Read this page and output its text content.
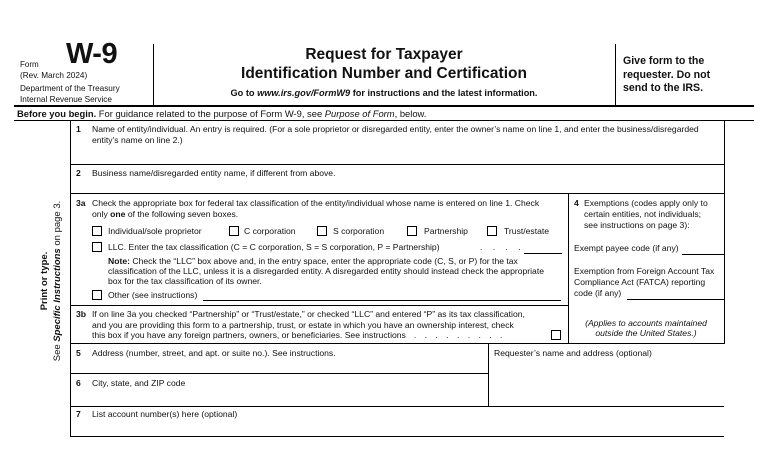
Form W-9
(Rev. March 2024)
Department of the Treasury
Internal Revenue Service
Request for Taxpayer
Identification Number and Certification
Go to www.irs.gov/FormW9 for instructions and the latest information.
Give form to the
requester. Do not
send to the IRS.
Before you begin. For guidance related to the purpose of Form W-9, see Purpose of Form, below.
Print or type.
See Specific Instructions on page 3.
1 Name of entity/individual. An entry is required. (For a sole proprietor or disregarded entity, enter the owner’s name on line 1, and enter the business/disregarded
entity’s name on line 2.)
2 Business name/disregarded entity name, if different from above.
3a Check the appropriate box for federal tax classification of the entity/individual whose name is entered on line 1. Check
only one of the following seven boxes.
Individual/sole proprietor	C corporation	S corporation	Partnership	Trust/estate
LLC. Enter the tax classification (C = C corporation, S = S corporation, P = Partnership)	. . . .
Note: Check the “LLC” box above and, in the entry space, enter the appropriate code (C, S, or P) for the tax
classification of the LLC, unless it is a disregarded entity. A disregarded entity should instead check the appropriate
box for the tax classification of its owner.
Other (see instructions)
3b If on line 3a you checked “Partnership” or “Trust/estate,” or checked “LLC” and entered “P” as its tax classification,
and you are providing this form to a partnership, trust, or estate in which you have an ownership interest, check
this box if you have any foreign partners, owners, or beneficiaries. See instructions . . . . . . . . .
4 Exemptions (codes apply only to
certain entities, not individuals;
see instructions on page 3):
Exempt payee code (if any)
Exemption from Foreign Account Tax
Compliance Act (FATCA) reporting
code (if any)
(Applies to accounts maintained
outside the United States.)
5 Address (number, street, and apt. or suite no.). See instructions.	Requester’s name and address (optional)
6 City, state, and ZIP code
7 List account number(s) here (optional)
